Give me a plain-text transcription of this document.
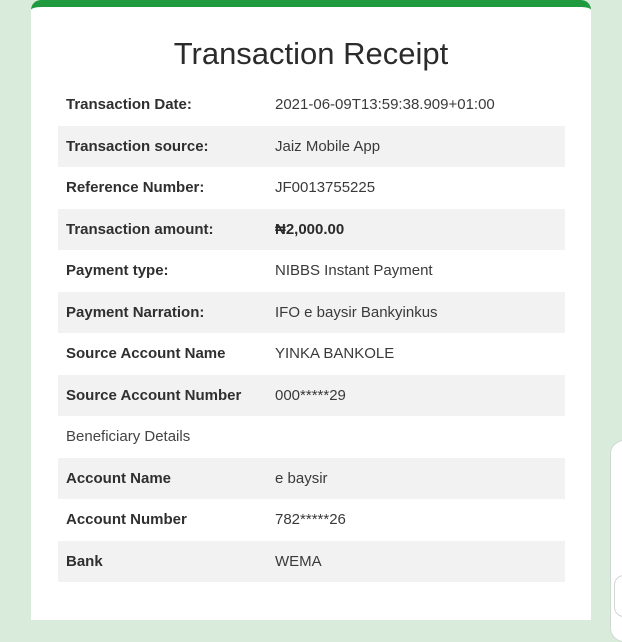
Transaction Receipt
Transaction Date:	2021-06-09T13:59:38.909+01:00
Transaction source:	Jaiz Mobile App
Reference Number:	JF0013755225
Transaction amount:	₦2,000.00
Payment type:	NIBBS Instant Payment
Payment Narration:	IFO e baysir Bankyinkus
Source Account Name	YINKA BANKOLE
Source Account Number	000*****29
Beneficiary Details
Account Name	e baysir
Account Number	782*****26
Bank	WEMA
